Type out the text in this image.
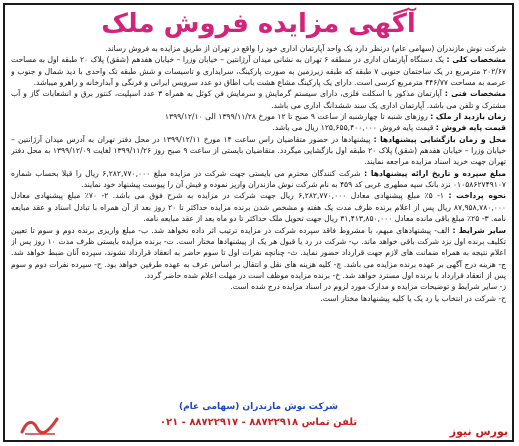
آگهی مزایده فروش ملک

شرکت نوش مازندران (سهامی عام) درنظر دارد یک واحد آپارتمان اداری خود را واقع در تهران از طریق مزایده به فروش رساند.

مشخصات کلی : یک دستگاه آپارتمان اداری در منطقه ۶ تهران به نشانی میدان آرژانتین – خیابان وزرا – خیابان هفدهم (شقق) پلاک ۲۰ طبقه اول به مساحت ۲۰۲/۶۷ مترمربع در یک ساختمان جنوبی ۷ طبقه که طبقه زیرزمین به صورت پارکینگ، سرایداری و تاسیسات و شش طبقه تک واحدی با دید شمال و جنوب و عرصه به مساحت ۴۴۶/۷۷ مترمربع کرسی است. دارای یک پارکینگ مشاع هشت باب اطاق دو عدد سرویس ایرانی و فرنگی و آبدارخانه و راهرو میباشد.

مشخصات فنی : آپارتمان مذکور با اسکلت فلزی، دارای سیستم گرمایش و سرمایش فن کوئل به همراه ۳ عدد اسپلیت، کنتور برق و انشعابات گاز و آب مشترک و تلفن می باشد. آپارتمان اداری یک سند ششدانگ اداری می باشد.

زمان بازدید از ملک : روزهای شنبه تا چهارشنبه از ساعت ۹ صبح تا ۱۲ مورخ ۱۳۹۹/۱۱/۲۸ الی ۱۳۹۹/۱۲/۱۰

قیمت پایه فروش : قیمت پایه فروش ۱۲۵,۶۵۵,۴۰۰,۰۰۰ ریال می باشد.

محل و زمان بازگشایی پیشنهادها : پیشنهادها در حضور متقاضیان راس ساعت ۱۴ مورخ ۱۳۹۹/۱۲/۱۱ در محل دفتر تهران به آدرس میدان آرژانتین – خیابان وزرا – خیابان هفدهم (شقق) پلاک ۲۰ طبقه اول بازگشایی میگردد. متقاضیان بایستی از ساعت ۹ صبح روز ۱۳۹۹/۱۱/۲۶ لغایت ۱۳۹۹/۱۲/۰۹ به محل دفتر تهران جهت خرید اسناد مزایده مراجعه نمایند.

مبلغ سپرده و تاریخ ارائه پیشنهادها : شرکت کنندگان محترم می بایستی جهت شرکت در مزایده مبلغ ۶,۲۸۲,۷۷۰,۰۰۰ ریال را قبلا بحساب شماره ۰۱۰۵۸۶۲۷۴۹۱۰۷ نزد بانک سپه مطهری غربی کد ۴۵۹ به نام شرکت نوش مازندران واریز نموده و فیش آن را پیوست پیشنهاد خود نمایند.

نحوه پرداخت : ۱- ۵٪ مبلغ پیشنهادی معادل ۶,۲۸۲,۷۷۰,۰۰۰ ریال جهت شرکت در مزایده به شرح فوق می باشد. ۲- ۷۰٪ مبلغ پیشنهادی معادل ۸۷,۹۵۸,۷۸۰,۰۰۰ ریال پس از اعلام برنده ظرف مدت یک هفته و مشخص شدن برنده مزایده حداکثر تا ۲۰ روز بعد از آن همراه با تبادل اسناد و عقد مبایعه نامه. ۳- ۲۵٪ مبلغ باقی مانده معادل ۳۱,۴۱۳,۸۵۰,۰۰۰ ریال جهت تحویل ملک حداکثر تا دو ماه بعد از عقد مبایعه نامه.

سایر شرایط : الف- پیشنهادهای مبهم، با مشروط فاقد سپرده شرکت در مزایده ترتیب اثر داده نخواهد شد. ب- مبلغ واریزی برنده دوم و سوم تا تعیین تکلیف برنده اول نزد شرکت باقی خواهد ماند. پ- شرکت در رد یا قبول هر یک از پیشنهادها مختار است. ت- برنده مزایده بایستی ظرف مدت ۱۰ روز پس از اعلام نتیجه به همراه ضمانت های لازم جهت قرارداد حضور نماید. ث- چنانچه نفرات اول تا سوم حاضر به انعقاد قرارداد نشوند، سپرده آنان ضبط خواهد شد. ج- هزینه درج آگهی بر عهده برنده مزایده می باشد. چ- کلیه هزینه های نقل و انتقال بر اساس عرف به عهده طرفین خواهد بود. ح- سپرده نفرات دوم و سوم پس از انعقاد قرارداد با برنده اول مسترد خواهد شد. خ- برنده مزایده موظف است در مهلت اعلام شده حاضر گردد.

ز- سایر شرایط و توضیحات مزایده و مدارک مورد لزوم در اسناد مزایده درج شده است.

ح- شرکت در انتخاب یا رد یک یا کلیه پیشنهادها مختار است.

شرکت نوش مازندران (سهامی عام)
تلفن تماس ۸۸۷۲۲۹۱۸ - ۸۸۷۲۲۹۱۷ - ۰۲۱
بورس نیوز
